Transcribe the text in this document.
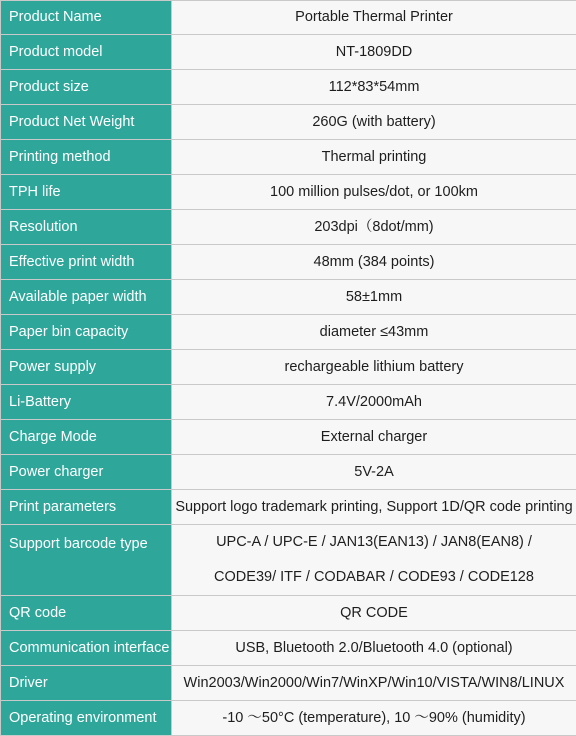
Product Name	Portable Thermal Printer
Product model	NT-1809DD
Product size	112*83*54mm
Product Net Weight	260G (with battery)
Printing method	Thermal printing
TPH life	100 million pulses/dot, or 100km
Resolution	203dpi（8dot/mm)
Effective print width	48mm (384 points)
Available paper width	58±1mm
Paper bin capacity	diameter ≤43mm
Power supply	rechargeable lithium battery
Li-Battery	7.4V/2000mAh
Charge Mode	External charger
Power charger	5V-2A
Print parameters	Support logo trademark printing, Support 1D/QR code printing
Support barcode type	UPC-A / UPC-E / JAN13(EAN13) / JAN8(EAN8) /
CODE39/ ITF / CODABAR / CODE93 / CODE128

QR code	QR CODE
Communication interface	USB, Bluetooth 2.0/Bluetooth 4.0 (optional)
Driver	Win2003/Win2000/Win7/WinXP/Win10/VISTA/WIN8/LINUX
Operating environment	-10 ～50°C (temperature), 10 ～90% (humidity)
